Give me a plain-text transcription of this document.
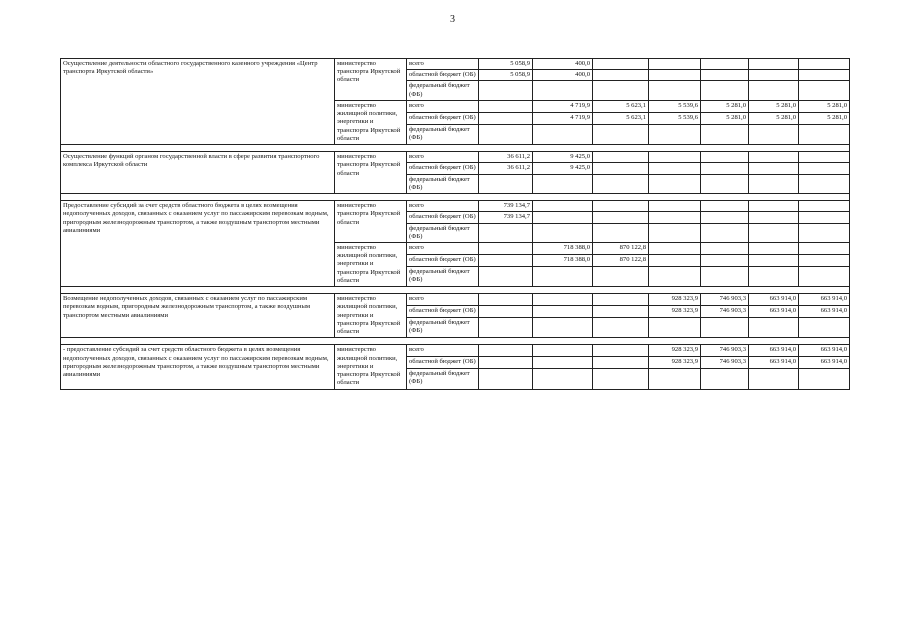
3
Осуществление деятельности областного государственного казенного учреждения «Центр транспорта Иркутской области»	министерство транспорта Иркутской области	всего	5 058,9	400,0					
		областной бюджет (ОБ)	5 058,9	400,0					
		федеральный бюджет (ФБ)							
	министерство жилищной политики, энергетики и транспорта Иркутской области	всего		4 719,9	5 623,1	5 539,6	5 281,0	5 281,0	5 281,0
		областной бюджет (ОБ)		4 719,9	5 623,1	5 539,6	5 281,0	5 281,0	5 281,0
		федеральный бюджет (ФБ)							

Осуществление функций органом государственной власти в сфере развития транспортного комплекса Иркутской области	министерство транспорта Иркутской области	всего	36 611,2	9 425,0					
		областной бюджет (ОБ)	36 611,2	9 425,0					
		федеральный бюджет (ФБ)							

Предоставление субсидий за счет средств областного бюджета в целях возмещения недополученных доходов, связанных с оказанием услуг по пассажирским перевозкам водным, пригородным железнодорожным транспортом, а также воздушным транспортом местными авиалиниями	министерство транспорта Иркутской области	всего	739 134,7						
		областной бюджет (ОБ)	739 134,7						
		федеральный бюджет (ФБ)							
	министерство жилищной политики, энергетики и транспорта Иркутской области	всего		718 388,0	870 122,8				
		областной бюджет (ОБ)		718 388,0	870 122,8				
		федеральный бюджет (ФБ)							

Возмещение недополученных доходов, связанных с оказанием услуг по пассажирским перевозкам водным, пригородным железнодорожным транспортом, а также воздушным транспортом местными авиалиниями	министерство жилищной политики, энергетики и транспорта Иркутской области	всего				928 323,9	746 903,3	663 914,0	663 914,0
		областной бюджет (ОБ)				928 323,9	746 903,3	663 914,0	663 914,0
		федеральный бюджет (ФБ)							

- предоставление субсидий за счет средств областного бюджета в целях возмещения недополученных доходов, связанных с оказанием услуг по пассажирским перевозкам водным, пригородным железнодорожным транспортом, а также воздушным транспортом местными авиалиниями	министерство жилищной политики, энергетики и транспорта Иркутской области	всего				928 323,9	746 903,3	663 914,0	663 914,0
		областной бюджет (ОБ)				928 323,9	746 903,3	663 914,0	663 914,0
		федеральный бюджет (ФБ)							
